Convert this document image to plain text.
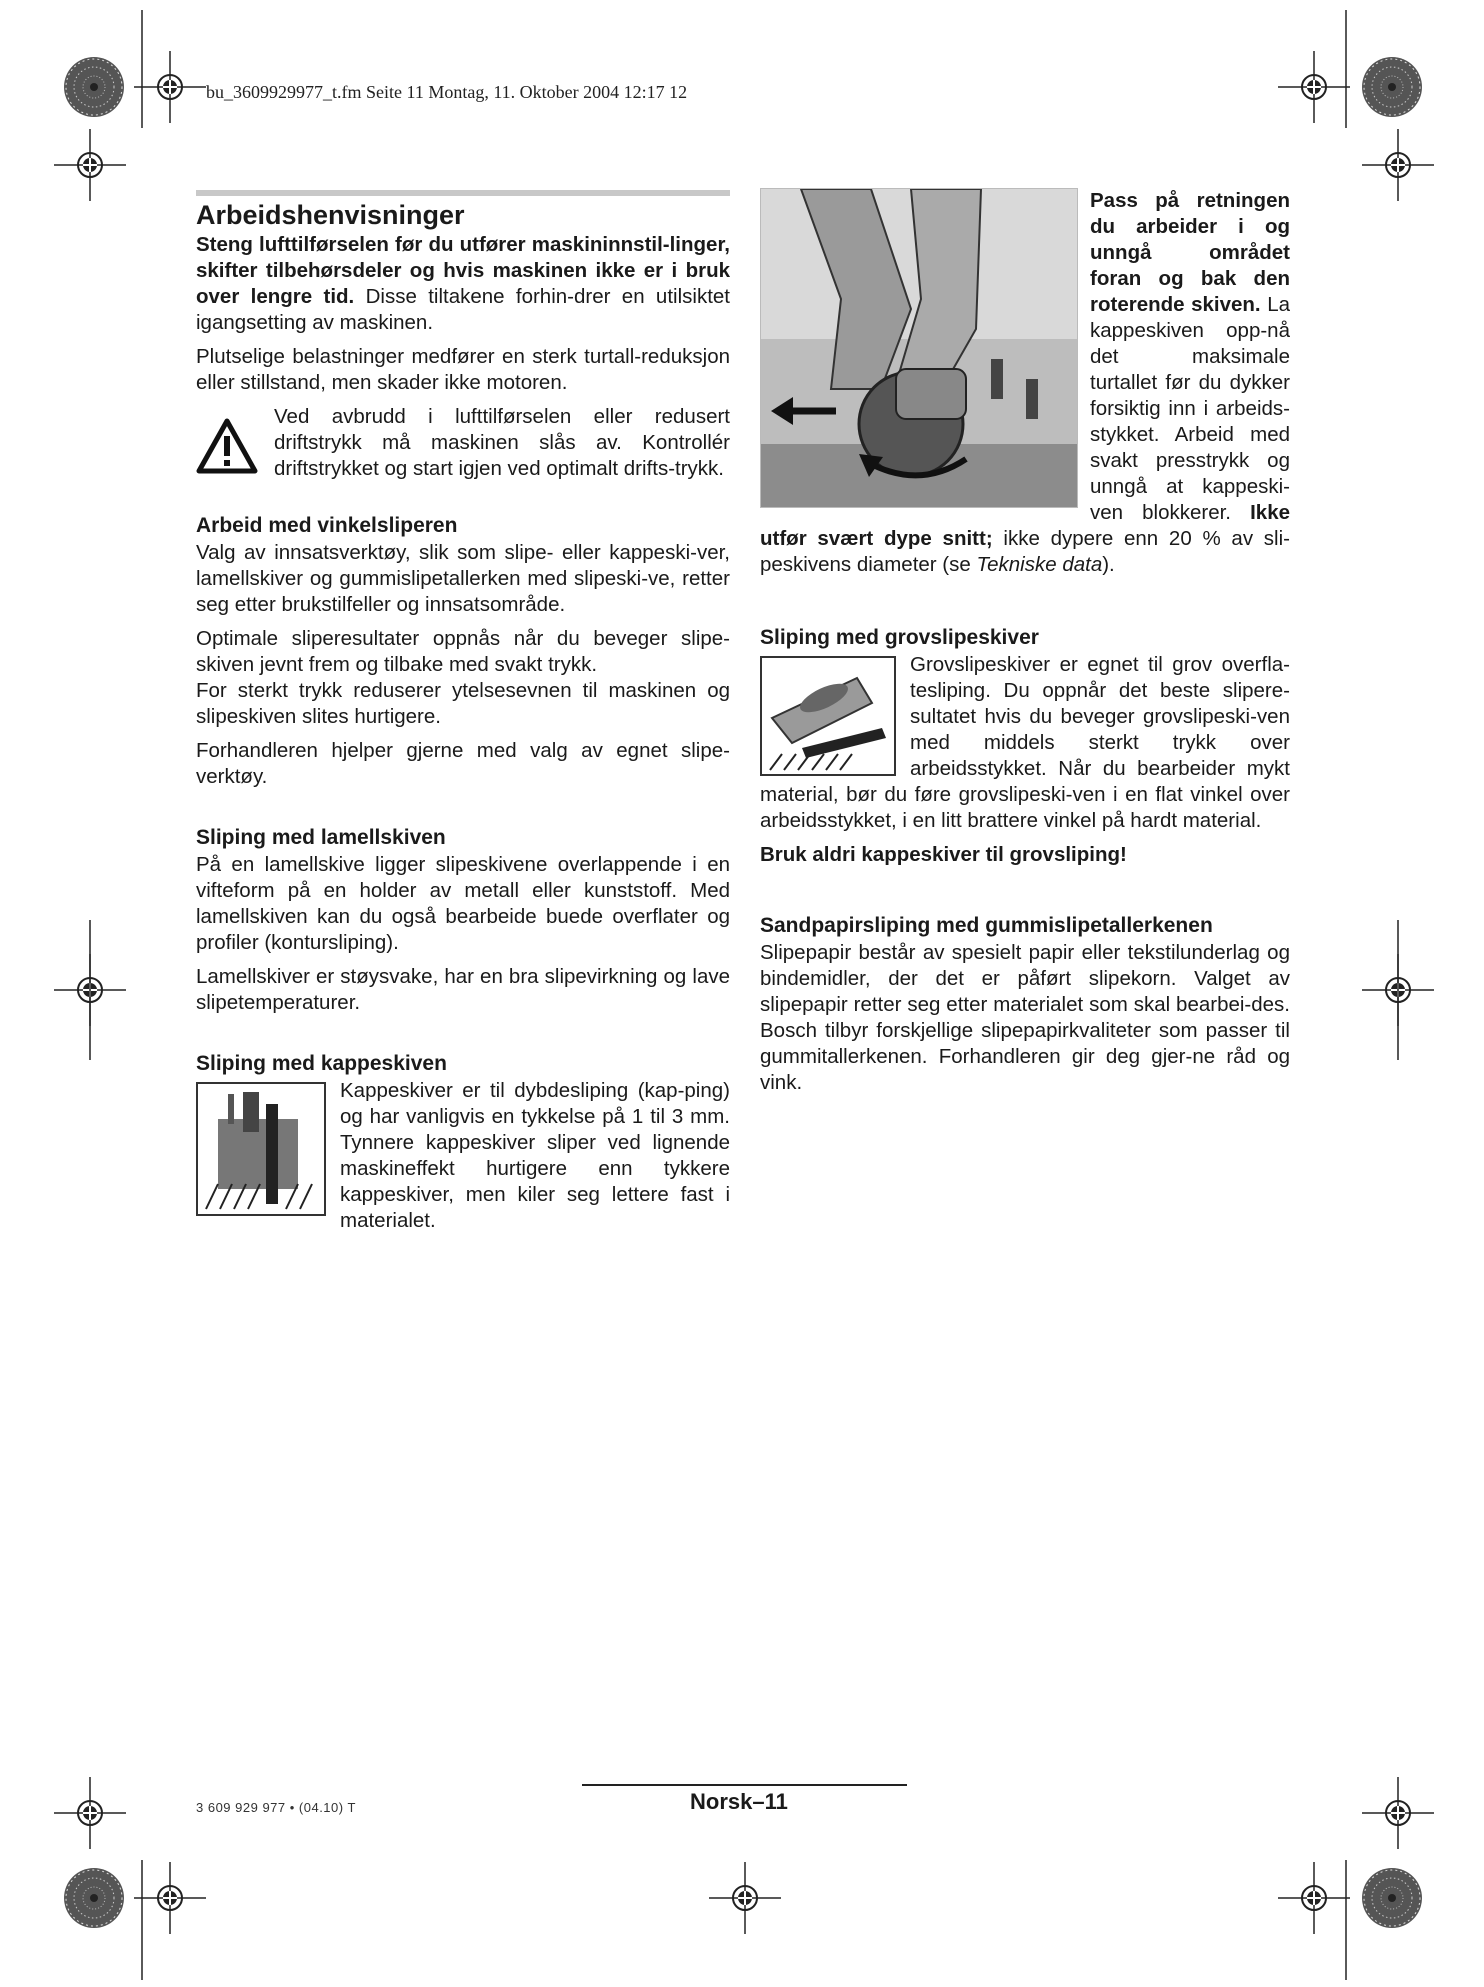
bu_3609929977_t.fm Seite 11 Montag, 11. Oktober 2004 12:17 12
Arbeidshenvisninger

Steng lufttilførselen før du utfører maskininnstil-linger, skifter tilbehørsdeler og hvis maskinen ikke er i bruk over lengre tid. Disse tiltakene forhin-drer en utilsiktet igangsetting av maskinen.

Plutselige belastninger medfører en sterk turtall-reduksjon eller stillstand, men skader ikke motoren.

Ved avbrudd i lufttilførselen eller redusert driftstrykk må maskinen slås av. Kontrollér driftstrykket og start igjen ved optimalt drifts-trykk.
Arbeid med vinkelsliperen

Valg av innsatsverktøy, slik som slipe- eller kappeski-ver, lamellskiver og gummislipetallerken med slipeski-ve, retter seg etter brukstilfeller og innsatsområde.

Optimale sliperesultater oppnås når du beveger slipe-skiven jevnt frem og tilbake med svakt trykk.

For sterkt trykk reduserer ytelsesevnen til maskinen og slipeskiven slites hurtigere.

Forhandleren hjelper gjerne med valg av egnet slipe-verktøy.

Sliping med lamellskiven

På en lamellskive ligger slipeskivene overlappende i en vifteform på en holder av metall eller kunststoff. Med lamellskiven kan du også bearbeide buede overflater og profiler (kontursliping).

Lamellskiver er støysvake, har en bra slipevirkning og lave slipetemperaturer.

Sliping med kappeskiven
Kappeskiver er til dybdesliping (kap-ping) og har vanligvis en tykkelse på 1 til 3 mm. Tynnere kappeskiver sliper ved lignende maskineffekt hurtigere enn tykkere kappeskiver, men kiler seg lettere fast i materialet.
Pass på retningen du arbeider i og unngå området foran og bak den roterende skiven. La kappeskiven opp-nå det maksimale turtallet før du dykker forsiktig inn i arbeids-stykket. Arbeid med svakt presstrykk og unngå at kappeski-ven blokkerer. Ikke utfør svært dype snitt; ikke dypere enn 20 % av sli-peskivens diameter (se Tekniske data).
Sliping med grovslipeskiver
Grovslipeskiver er egnet til grov overfla-tesliping. Du oppnår det beste slipere-sultatet hvis du beveger grovslipeski-ven med middels sterkt trykk over arbeidsstykket. Når du bearbeider mykt material, bør du føre grovslipeski-ven i en flat vinkel over arbeidsstykket, i en litt brattere vinkel på hardt material.

Bruk aldri kappeskiver til grovsliping!

Sandpapirsliping med gummislipetallerkenen

Slipepapir består av spesielt papir eller tekstilunderlag og bindemidler, der det er påført slipekorn. Valget av slipepapir retter seg etter materialet som skal bearbei-des. Bosch tilbyr forskjellige slipepapirkvaliteter som passer til gummitallerkenen. Forhandleren gir deg gjer-ne råd og vink.

3 609 929 977 • (04.10) T	Norsk–11
